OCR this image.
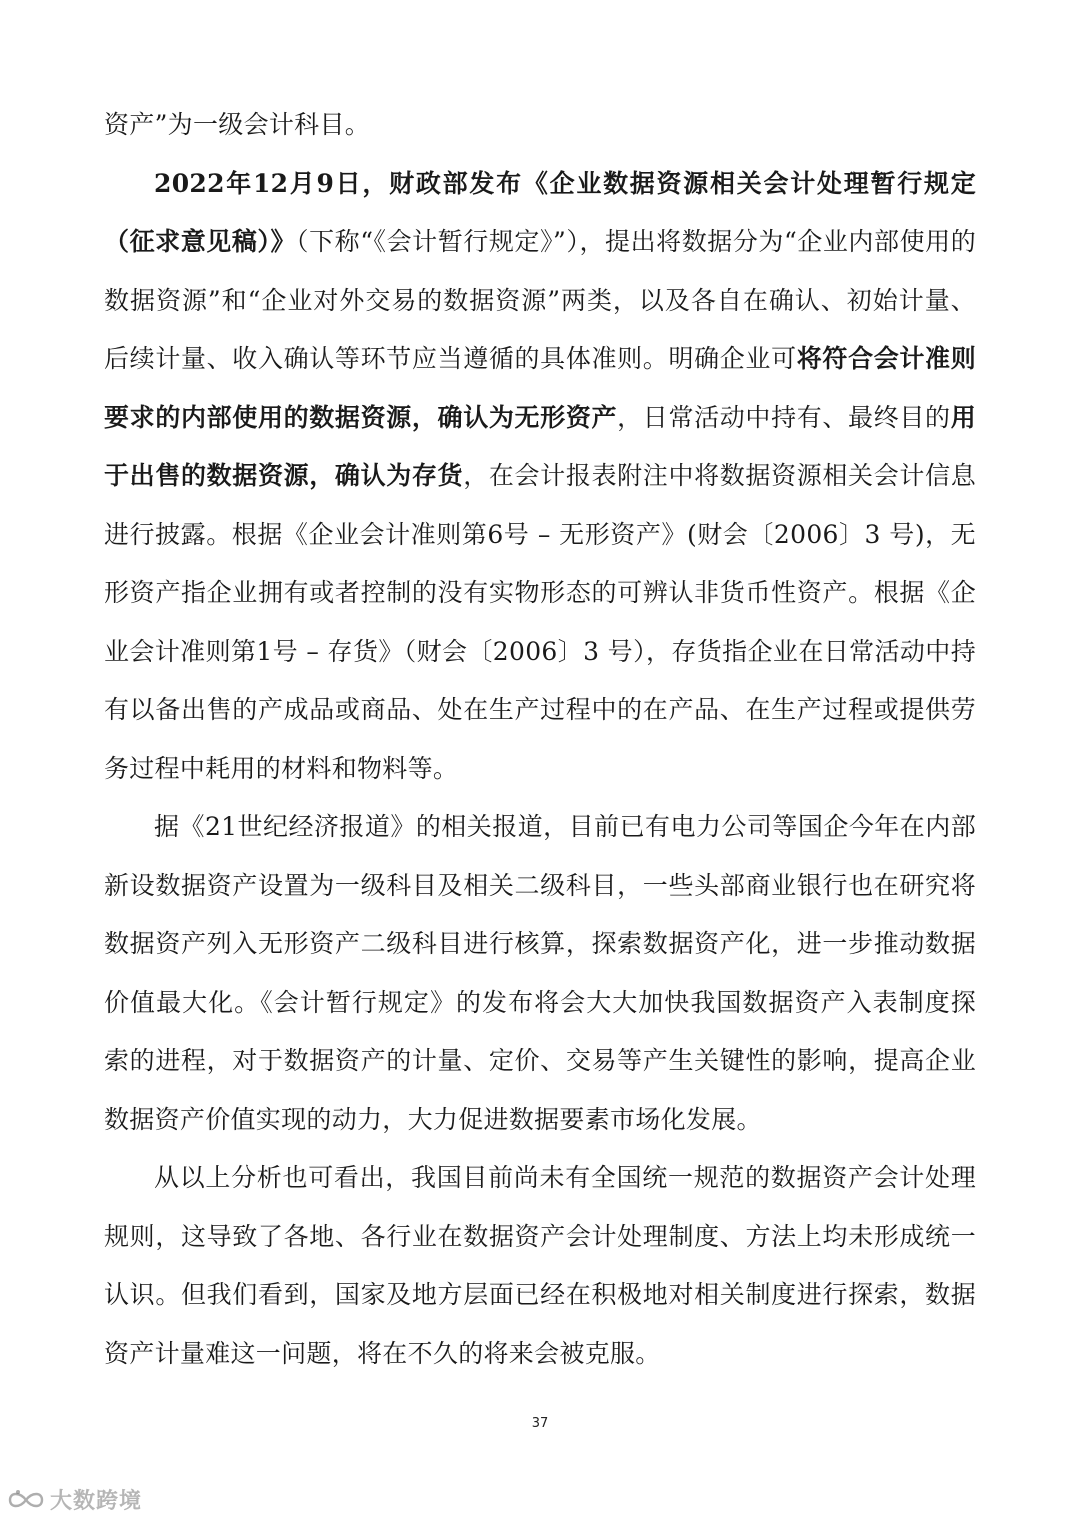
资产”为一级会计科目。

2022年12月9日，财政部发布《企业数据资源相关会计处理暂行规定（征求意见稿）》（下称“《会计暂行规定》”），提出将数据分为“企业内部使用的数据资源”和“企业对外交易的数据资源”两类，以及各自在确认、初始计量、后续计量、收入确认等环节应当遵循的具体准则。明确企业可将符合会计准则要求的内部使用的数据资源，确认为无形资产，日常活动中持有、最终目的用于出售的数据资源，确认为存货，在会计报表附注中将数据资源相关会计信息进行披露。根据《企业会计准则第6号 – 无形资产》(财会〔2006〕3 号)，无形资产指企业拥有或者控制的没有实物形态的可辨认非货币性资产。根据《企业会计准则第1号 – 存货》（财会〔2006〕3 号），存货指企业在日常活动中持有以备出售的产成品或商品、处在生产过程中的在产品、在生产过程或提供劳务过程中耗用的材料和物料等。

据《21世纪经济报道》的相关报道，目前已有电力公司等国企今年在内部新设数据资产设置为一级科目及相关二级科目，一些头部商业银行也在研究将数据资产列入无形资产二级科目进行核算，探索数据资产化，进一步推动数据价值最大化。《会计暂行规定》的发布将会大大加快我国数据资产入表制度探索的进程，对于数据资产的计量、定价、交易等产生关键性的影响，提高企业数据资产价值实现的动力，大力促进数据要素市场化发展。

从以上分析也可看出，我国目前尚未有全国统一规范的数据资产会计处理规则，这导致了各地、各行业在数据资产会计处理制度、方法上均未形成统一认识。但我们看到，国家及地方层面已经在积极地对相关制度进行探索，数据资产计量难这一问题，将在不久的将来会被克服。

37
大数跨境
